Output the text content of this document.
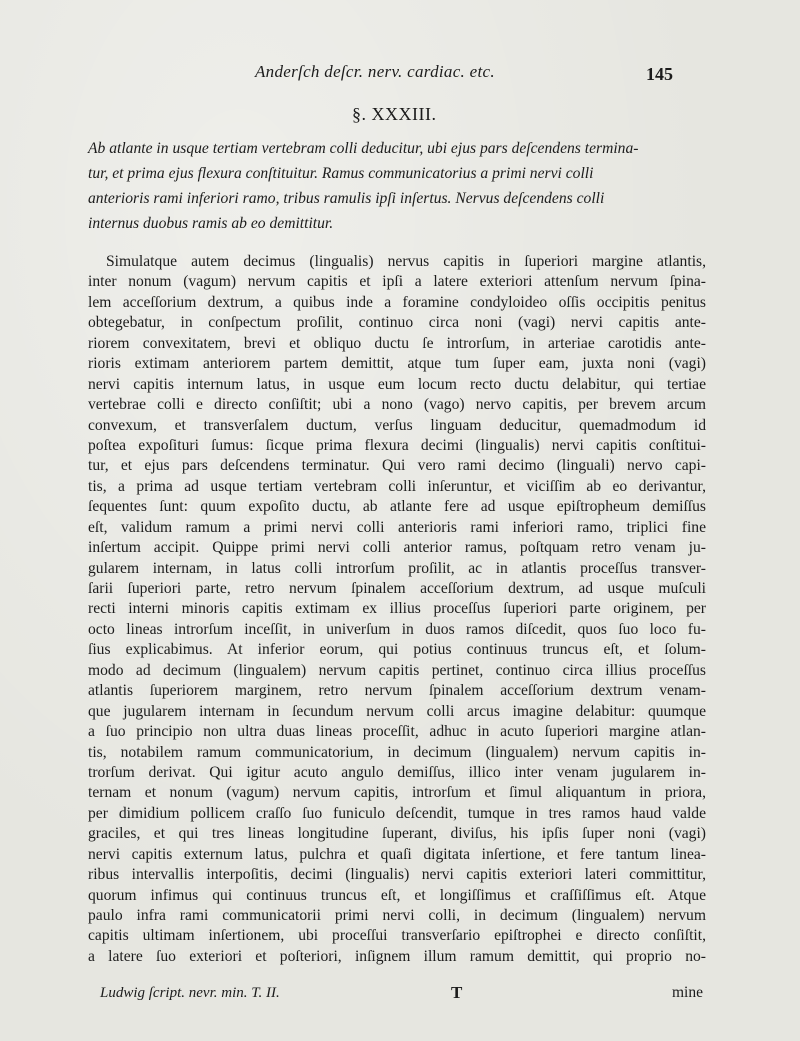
Anderſch deſcr. nerv. cardiac. etc.	145
§. XXXIII.
Ab atlante in usque tertiam vertebram colli deducitur, ubi ejus pars deſcendens termina-
tur, et prima ejus flexura conſtituitur. Ramus communicatorius a primi nervi colli
anterioris rami inferiori ramo, tribus ramulis ipſi inſertus. Nervus deſcendens colli
internus duobus ramis ab eo demittitur.
Simulatque autem decimus (lingualis) nervus capitis in ſuperiori margine atlantis,
inter nonum (vagum) nervum capitis et ipſi a latere exteriori attenſum nervum ſpina-
lem acceſſorium dextrum, a quibus inde a foramine condyloideo oſſis occipitis penitus
obtegebatur, in conſpectum proſilit, continuo circa noni (vagi) nervi capitis ante-
riorem convexitatem, brevi et obliquo ductu ſe introrſum, in arteriae carotidis ante-
rioris extimam anteriorem partem demittit, atque tum ſuper eam, juxta noni (vagi)
nervi capitis internum latus, in usque eum locum recto ductu delabitur, qui tertiae
vertebrae colli e directo conſiſtit; ubi a nono (vago) nervo capitis, per brevem arcum
convexum, et transverſalem ductum, verſus linguam deducitur, quemadmodum id
poſtea expoſituri ſumus: ſicque prima flexura decimi (lingualis) nervi capitis conſtitui-
tur, et ejus pars deſcendens terminatur. Qui vero rami decimo (linguali) nervo capi-
tis, a prima ad usque tertiam vertebram colli inſeruntur, et viciſſim ab eo derivantur,
ſequentes ſunt: quum expoſito ductu, ab atlante fere ad usque epiſtropheum demiſſus
eſt, validum ramum a primi nervi colli anterioris rami inferiori ramo, triplici fine
inſertum accipit. Quippe primi nervi colli anterior ramus, poſtquam retro venam ju-
gularem internam, in latus colli introrſum proſilit, ac in atlantis proceſſus transver-
ſarii ſuperiori parte, retro nervum ſpinalem acceſſorium dextrum, ad usque muſculi
recti interni minoris capitis extimam ex illius proceſſus ſuperiori parte originem, per
octo lineas introrſum inceſſit, in univerſum in duos ramos diſcedit, quos ſuo loco fu-
ſius explicabimus. At inferior eorum, qui potius continuus truncus eſt, et ſolum-
modo ad decimum (lingualem) nervum capitis pertinet, continuo circa illius proceſſus
atlantis ſuperiorem marginem, retro nervum ſpinalem acceſſorium dextrum venam-
que jugularem internam in ſecundum nervum colli arcus imagine delabitur: quumque
a ſuo principio non ultra duas lineas proceſſit, adhuc in acuto ſuperiori margine atlan-
tis, notabilem ramum communicatorium, in decimum (lingualem) nervum capitis in-
trorſum derivat. Qui igitur acuto angulo demiſſus, illico inter venam jugularem in-
ternam et nonum (vagum) nervum capitis, introrſum et ſimul aliquantum in priora,
per dimidium pollicem craſſo ſuo funiculo deſcendit, tumque in tres ramos haud valde
graciles, et qui tres lineas longitudine ſuperant, diviſus, his ipſis ſuper noni (vagi)
nervi capitis externum latus, pulchra et quaſi digitata inſertione, et fere tantum linea-
ribus intervallis interpoſitis, decimi (lingualis) nervi capitis exteriori lateri committitur,
quorum infimus qui continuus truncus eſt, et longiſſimus et craſſiſſimus eſt. Atque
paulo infra rami communicatorii primi nervi colli, in decimum (lingualem) nervum
capitis ultimam inſertionem, ubi proceſſui transverſario epiſtrophei e directo conſiſtit,
a latere ſuo exteriori et poſteriori, inſignem illum ramum demittit, qui proprio no-
Ludwig ſcript. nevr. min. T. II.	T	mine
